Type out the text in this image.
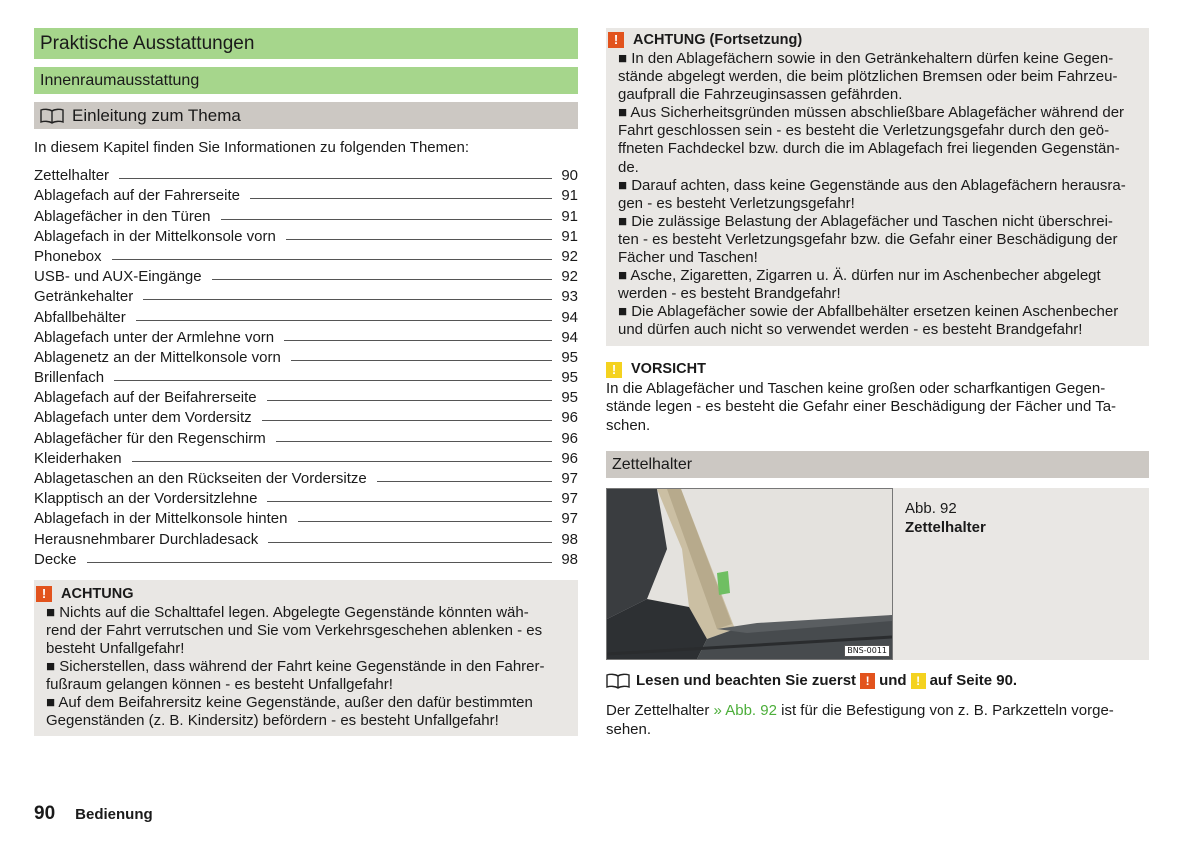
Praktische Ausstattungen
Innenraumausstattung
Einleitung zum Thema
In diesem Kapitel finden Sie Informationen zu folgenden Themen:
Zettelhalter	90
Ablagefach auf der Fahrerseite	91
Ablagefächer in den Türen	91
Ablagefach in der Mittelkonsole vorn	91
Phonebox	92
USB- und AUX-Eingänge	92
Getränkehalter	93
Abfallbehälter	94
Ablagefach unter der Armlehne vorn	94
Ablagenetz an der Mittelkonsole vorn	95
Brillenfach	95
Ablagefach auf der Beifahrerseite	95
Ablagefach unter dem Vordersitz	96
Ablagefächer für den Regenschirm	96
Kleiderhaken	96
Ablagetaschen an den Rückseiten der Vordersitze	97
Klapptisch an der Vordersitzlehne	97
Ablagefach in der Mittelkonsole hinten	97
Herausnehmbarer Durchladesack	98
Decke	98
!	ACHTUNG
■ Nichts auf die Schalttafel legen. Abgelegte Gegenstände könnten wäh-
rend der Fahrt verrutschen und Sie vom Verkehrsgeschehen ablenken - es
besteht Unfallgefahr!
■ Sicherstellen, dass während der Fahrt keine Gegenstände in den Fahrer-
fußraum gelangen können - es besteht Unfallgefahr!
■ Auf dem Beifahrersitz keine Gegenstände, außer den dafür bestimmten
Gegenständen (z. B. Kindersitz) befördern - es besteht Unfallgefahr!
!	ACHTUNG (Fortsetzung)
■ In den Ablagefächern sowie in den Getränkehaltern dürfen keine Gegen-
stände abgelegt werden, die beim plötzlichen Bremsen oder beim Fahrzeu-
gaufprall die Fahrzeuginsassen gefährden.
■ Aus Sicherheitsgründen müssen abschließbare Ablagefächer während der
Fahrt geschlossen sein - es besteht die Verletzungsgefahr durch den geö-
ffneten Fachdeckel bzw. durch die im Ablagefach frei liegenden Gegenstän-
de.
■ Darauf achten, dass keine Gegenstände aus den Ablagefächern herausra-
gen - es besteht Verletzungsgefahr!
■ Die zulässige Belastung der Ablagefächer und Taschen nicht überschrei-
ten - es besteht Verletzungsgefahr bzw. die Gefahr einer Beschädigung der
Fächer und Taschen!
■ Asche, Zigaretten, Zigarren u. Ä. dürfen nur im Aschenbecher abgelegt
werden - es besteht Brandgefahr!
■ Die Ablagefächer sowie der Abfallbehälter ersetzen keinen Aschenbecher
und dürfen auch nicht so verwendet werden - es besteht Brandgefahr!
!	VORSICHT
In die Ablagefächer und Taschen keine großen oder scharfkantigen Gegen-
stände legen - es besteht die Gefahr einer Beschädigung der Fächer und Ta-
schen.
Zettelhalter
BNS-0011
Abb. 92
Zettelhalter
Lesen und beachten Sie zuerst ! und ! auf Seite 90.
Der Zettelhalter » Abb. 92 ist für die Befestigung von z. B. Parkzetteln vorge-
sehen.
90 Bedienung
